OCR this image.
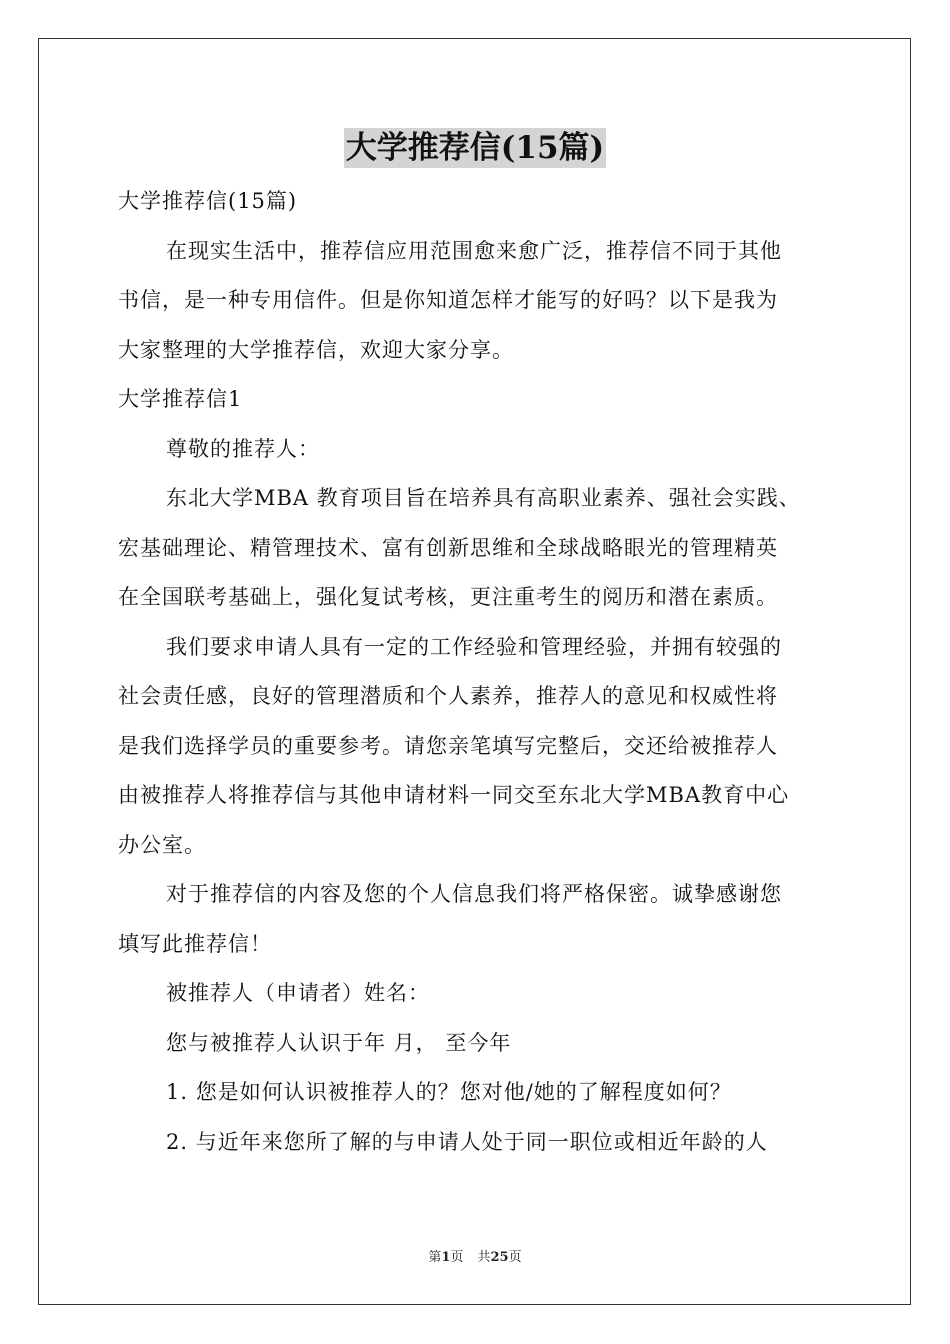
大学推荐信(15篇)
大学推荐信(15篇)
在现实生活中，推荐信应用范围愈来愈广泛，推荐信不同于其他
书信，是一种专用信件。但是你知道怎样才能写的好吗？以下是我为
大家整理的大学推荐信，欢迎大家分享。
大学推荐信1
尊敬的推荐人：
东北大学MBA 教育项目旨在培养具有高职业素养、强社会实践、
宏基础理论、精管理技术、富有创新思维和全球战略眼光的管理精英
在全国联考基础上，强化复试考核，更注重考生的阅历和潜在素质。
我们要求申请人具有一定的工作经验和管理经验，并拥有较强的
社会责任感，良好的管理潜质和个人素养，推荐人的意见和权威性将
是我们选择学员的重要参考。请您亲笔填写完整后，交还给被推荐人
由被推荐人将推荐信与其他申请材料一同交至东北大学MBA教育中心
办公室。
对于推荐信的内容及您的个人信息我们将严格保密。诚挚感谢您
填写此推荐信！
被推荐人（申请者）姓名：
您与被推荐人认识于年 月， 至今年
1. 您是如何认识被推荐人的？您对他/她的了解程度如何？
2. 与近年来您所了解的与申请人处于同一职位或相近年龄的人
第1页 共25页
